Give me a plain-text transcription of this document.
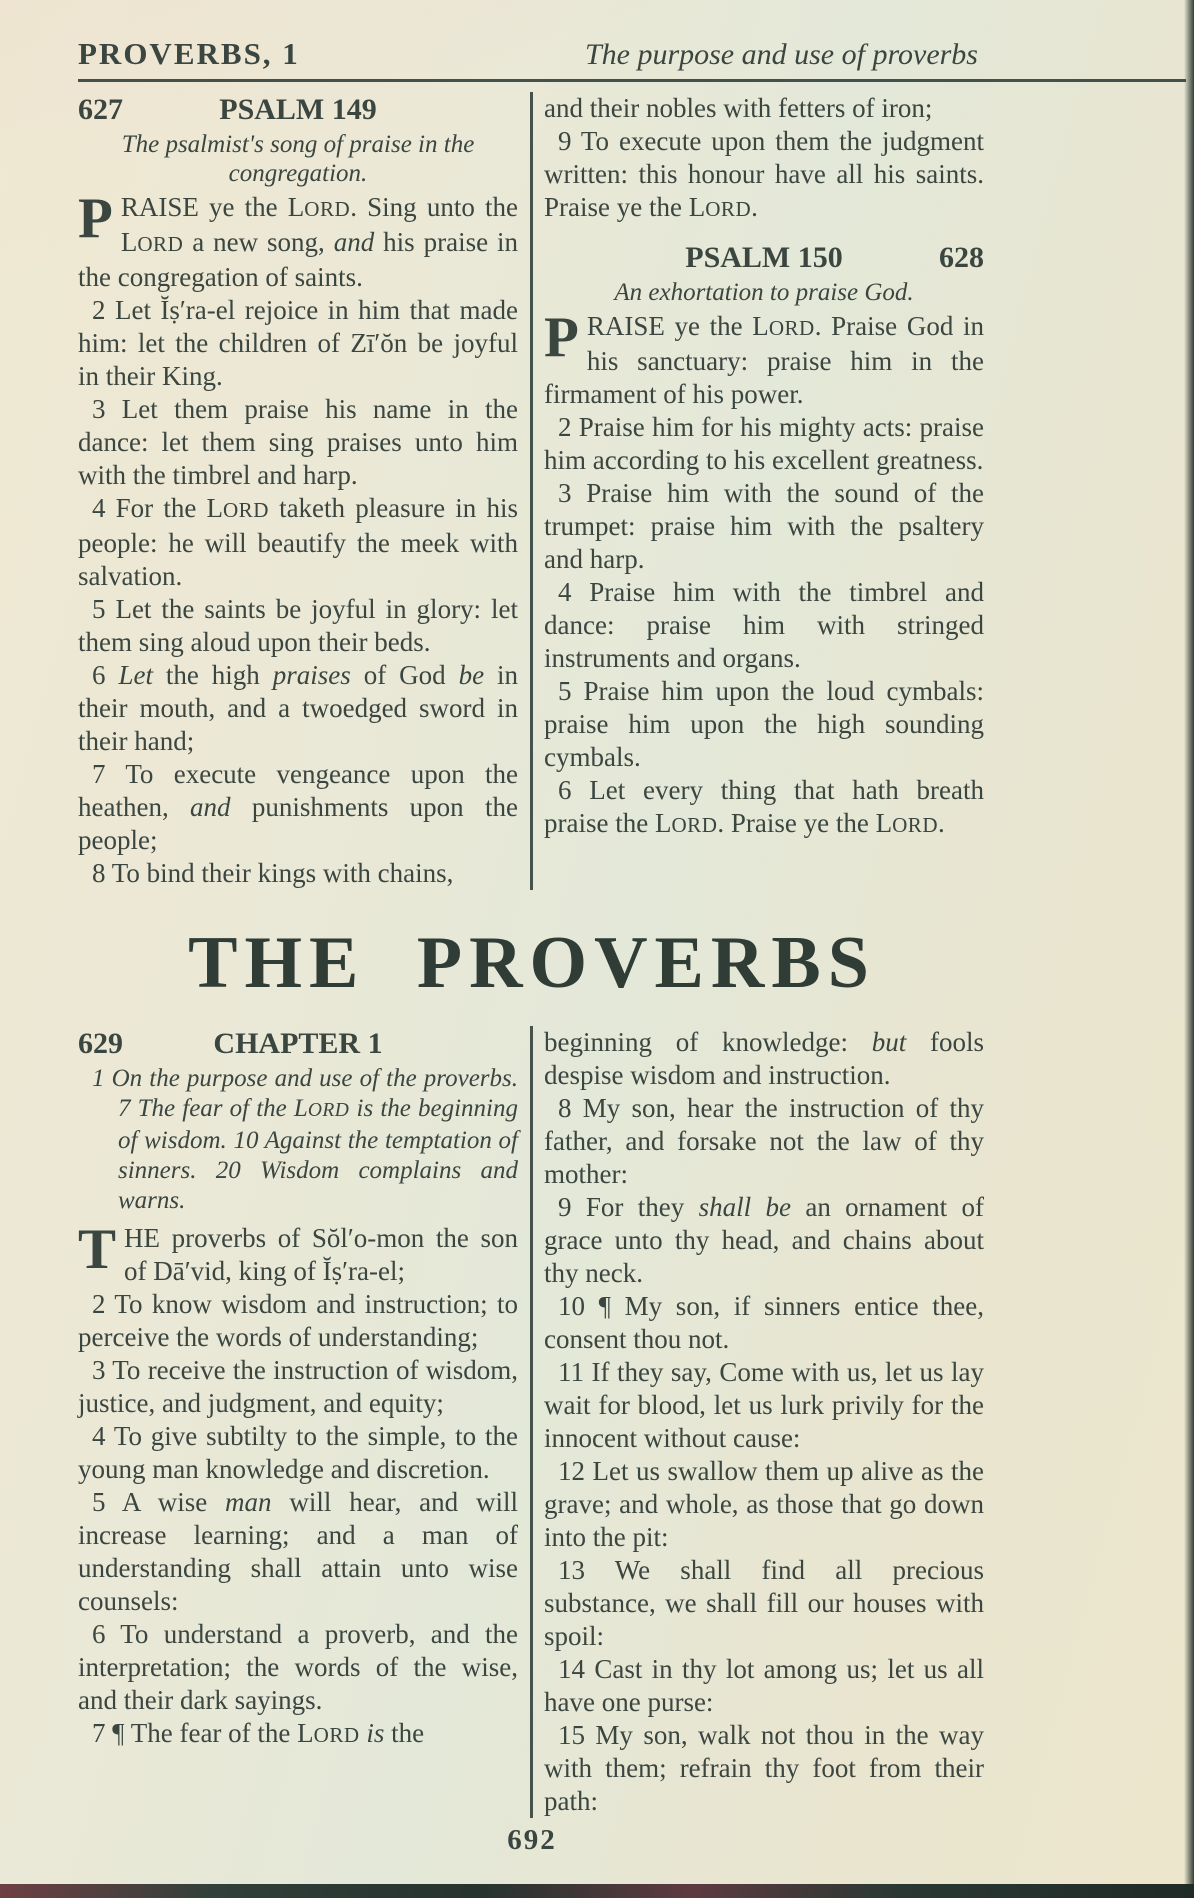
PROVERBS, 1	The purpose and use of proverbs
627	PSALM 149

The psalmist's song of praise in the congregation.

PRAISE ye the LORD. Sing unto the LORD a new song, and his praise in the congregation of saints.

2 Let Ĭṣ′ra-el rejoice in him that made him: let the children of Zī′ŏn be joyful in their King.

3 Let them praise his name in the dance: let them sing praises unto him with the timbrel and harp.

4 For the LORD taketh pleasure in his people: he will beautify the meek with salvation.

5 Let the saints be joyful in glory: let them sing aloud upon their beds.

6 Let the high praises of God be in their mouth, and a twoedged sword in their hand;

7 To execute vengeance upon the heathen, and punishments upon the people;

8 To bind their kings with chains,

and their nobles with fetters of iron;

9 To execute upon them the judgment written: this honour have all his saints. Praise ye the LORD.

PSALM 150	628

An exhortation to praise God.

PRAISE ye the LORD. Praise God in his sanctuary: praise him in the firmament of his power.

2 Praise him for his mighty acts: praise him according to his excellent greatness.

3 Praise him with the sound of the trumpet: praise him with the psaltery and harp.

4 Praise him with the timbrel and dance: praise him with stringed instruments and organs.

5 Praise him upon the loud cymbals: praise him upon the high sounding cymbals.

6 Let every thing that hath breath praise the LORD. Praise ye the LORD.

THE PROVERBS
629	CHAPTER 1

1 On the purpose and use of the proverbs. 7 The fear of the LORD is the beginning of wisdom. 10 Against the temptation of sinners. 20 Wisdom complains and warns.

THE proverbs of Sŏl′o-mon the son of Dā′vid, king of Ĭṣ′ra-el;

2 To know wisdom and instruction; to perceive the words of understanding;

3 To receive the instruction of wisdom, justice, and judgment, and equity;

4 To give subtilty to the simple, to the young man knowledge and discretion.

5 A wise man will hear, and will increase learning; and a man of understanding shall attain unto wise counsels:

6 To understand a proverb, and the interpretation; the words of the wise, and their dark sayings.

7 ¶ The fear of the LORD is the

beginning of knowledge: but fools despise wisdom and instruction.

8 My son, hear the instruction of thy father, and forsake not the law of thy mother:

9 For they shall be an ornament of grace unto thy head, and chains about thy neck.

10 ¶ My son, if sinners entice thee, consent thou not.

11 If they say, Come with us, let us lay wait for blood, let us lurk privily for the innocent without cause:

12 Let us swallow them up alive as the grave; and whole, as those that go down into the pit:

13 We shall find all precious substance, we shall fill our houses with spoil:

14 Cast in thy lot among us; let us all have one purse:

15 My son, walk not thou in the way with them; refrain thy foot from their path:

692
